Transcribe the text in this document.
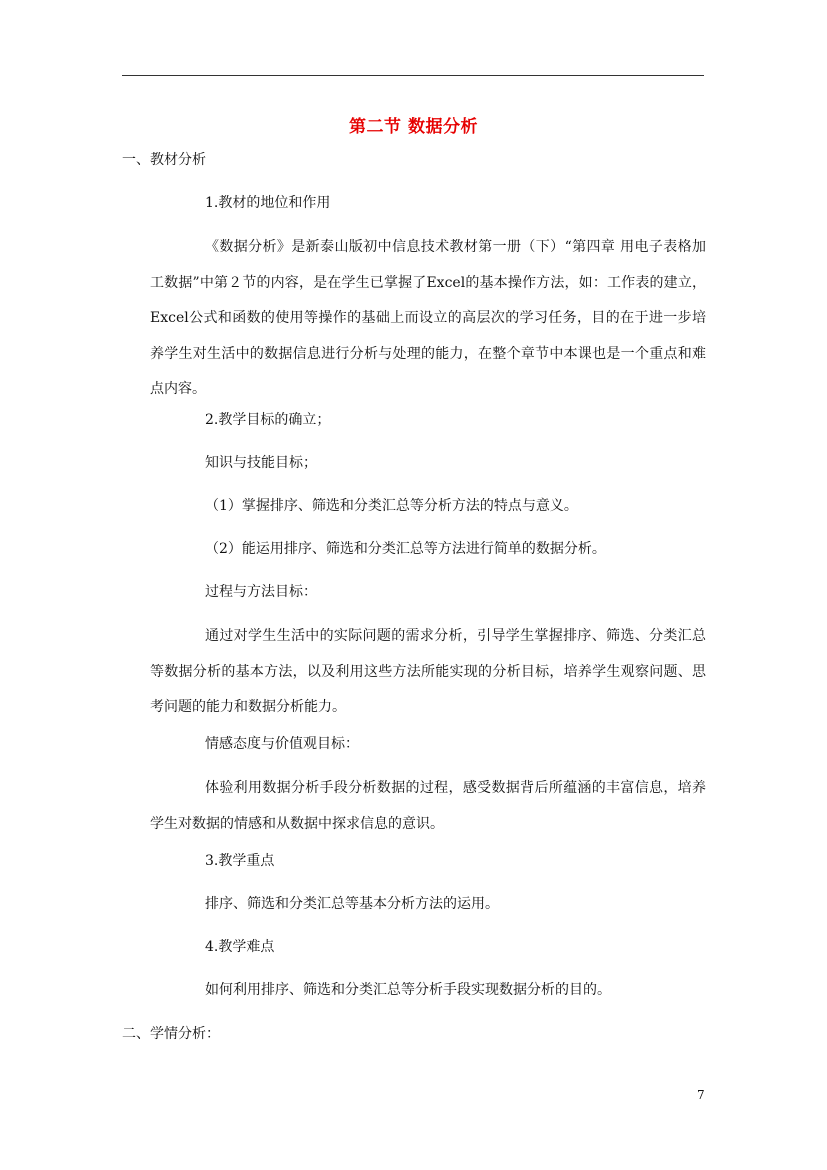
第二节 数据分析
一、教材分析
1.教材的地位和作用
《数据分析》是新泰山版初中信息技术教材第一册（下）“第四章 用电子表格加工数据”中第２节的内容，是在学生已掌握了Excel的基本操作方法，如：工作表的建立，Excel公式和函数的使用等操作的基础上而设立的高层次的学习任务，目的在于进一步培养学生对生活中的数据信息进行分析与处理的能力，在整个章节中本课也是一个重点和难点内容。
2.教学目标的确立；
知识与技能目标；
（1）掌握排序、筛选和分类汇总等分析方法的特点与意义。
（2）能运用排序、筛选和分类汇总等方法进行简单的数据分析。
过程与方法目标：
通过对学生生活中的实际问题的需求分析，引导学生掌握排序、筛选、分类汇总等数据分析的基本方法，以及利用这些方法所能实现的分析目标，培养学生观察问题、思考问题的能力和数据分析能力。
情感态度与价值观目标：
体验利用数据分析手段分析数据的过程，感受数据背后所蕴涵的丰富信息，培养学生对数据的情感和从数据中探求信息的意识。
3.教学重点
排序、筛选和分类汇总等基本分析方法的运用。
4.教学难点
如何利用排序、筛选和分类汇总等分析手段实现数据分析的目的。
二、学情分析：
7
